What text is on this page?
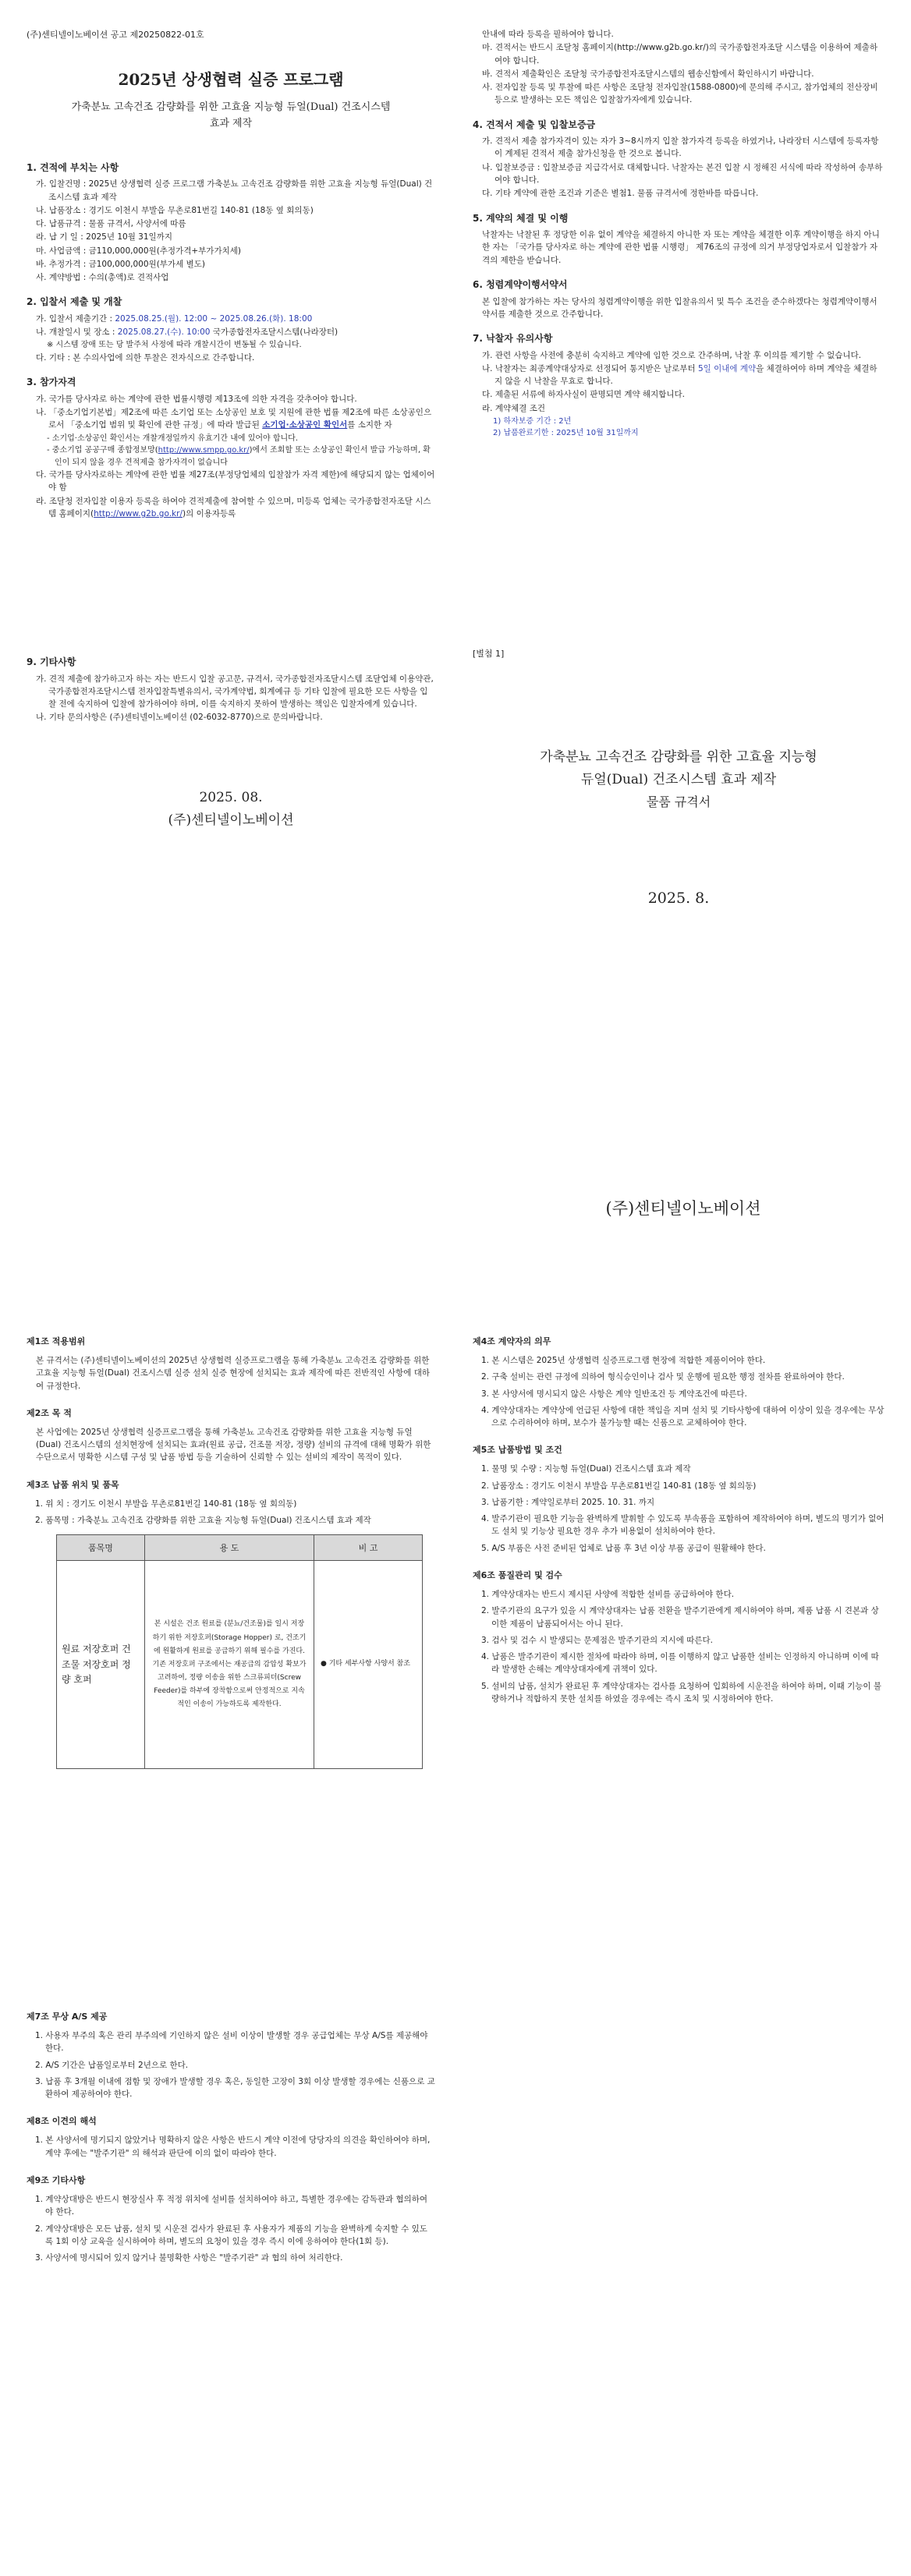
(주)센티넬이노베이션 공고 제20250822-01호
2025년 상생협력 실증 프로그램
가축분뇨 고속건조 감량화를 위한 고효율 지능형 듀얼(Dual) 건조시스템
효과 제작
1. 견적에 부치는 사항
가. 입찰건명 : 2025년 상생협력 실증 프로그램 가축분뇨 고속건조 감량화를 위한 고효율 지능형 듀얼(Dual) 건조시스템 효과 제작
나. 납품장소 : 경기도 이천시 부발읍 무촌로81번길 140-81 (18동 옆 회의동)
다. 납품규격 : 물품 규격서, 사양서에 따름
라. 납 기 일 : 2025년 10월 31일까지
마. 사업금액 : 금110,000,000원(추정가격+부가가치세)
바. 추정가격 : 금100,000,000원(부가세 별도)
사. 계약방법 : 수의(총액)로 견적사업
2. 입찰서 제출 및 개찰
가. 입찰서 제출기간 : 2025.08.25.(월). 12:00 ~ 2025.08.26.(화). 18:00
나. 개찰일시 및 장소 : 2025.08.27.(수). 10:00 국가종합전자조달시스템(나라장터)
※ 시스템 장애 또는 당 발주처 사정에 따라 개찰시간이 변동될 수 있습니다.
다. 기타 : 본 수의사업에 의한 투찰은 전자식으로 간주합니다.
3. 참가자격
가. 국가를 당사자로 하는 계약에 관한 법률시행령 제13조에 의한 자격을 갖추어야 합니다.
나. 「중소기업기본법」제2조에 따른 소기업 또는 소상공인 보호 및 지원에 관한 법률 제2조에 따른 소상공인으로서 「중소기업 범위 및 확인에 관한 규정」에 따라 발급된 소기업·소상공인 확인서를 소지한 자
- 소기업·소상공인 확인서는 개찰개정일까지 유효기간 내에 있어야 합니다.
- 중소기업 공공구매 종합정보망(http://www.smpp.go.kr/)에서 조회할 또는 소상공인 확인서 발급 가능하며, 확인이 되지 않을 경우 견적제출 참가자격이 없습니다
다. 국가를 당사자로하는 계약에 관한 법률 제27조(부정당업체의 입찰참가 자격 제한)에 해당되지 않는 업체이어야 함
라. 조달청 전자입찰 이용자 등록을 하여야 견적제출에 참여할 수 있으며, 미등록 업체는 국가종합전자조달 시스템 홈페이지(http://www.g2b.go.kr/)의 이용자등록
안내에 따라 등록을 필하여야 합니다.
마. 견적서는 반드시 조달청 홈페이지(http://www.g2b.go.kr/)의 국가종합전자조달 시스템을 이용하여 제출하여야 합니다.
바. 견적서 제출확인은 조달청 국가종합전자조달시스템의 웹송신함에서 확인하시기 바랍니다.
사. 전자입찰 등록 및 투찰에 따른 사항은 조달청 전자입찰(1588-0800)에 문의해 주시고, 참가업체의 전산장비 등으로 발생하는 모든 책임은 입찰참가자에게 있습니다.
4. 견적서 제출 및 입찰보증금
가. 견적서 제출 참가자격이 있는 자가 3~8시까지 입찰 참가자격 등록을 하였거나, 나라장터 시스템에 등록자항이 계제된 견적서 제출 참가신청을 한 것으로 봅니다.
나. 입찰보증금 : 입찰보증금 지급각서로 대체합니다. 낙찰자는 본건 입찰 시 정해진 서식에 따라 작성하여 송부하여야 합니다.
다. 기타 계약에 관한 조건과 기준은 별첨1. 물품 규격서에 정한바를 따릅니다.
5. 계약의 체결 및 이행
낙찰자는 낙찰된 후 정당한 이유 없이 계약을 체결하지 아니한 자 또는 계약을 체결한 이후 계약이행을 하지 아니한 자는 「국가를 당사자로 하는 계약에 관한 법률 시행령」 제76조의 규정에 의거 부정당업자로서 입찰참가 자격의 제한을 받습니다.
6. 청렴계약이행서약서
본 입찰에 참가하는 자는 당사의 청렴계약이행을 위한 입찰유의서 및 특수 조건을 준수하겠다는 청렴계약이행서약서를 제출한 것으로 간주합니다.
7. 낙찰자 유의사항
가. 관련 사항을 사전에 충분히 숙지하고 계약에 임한 것으로 간주하며, 낙찰 후 이의를 제기할 수 없습니다.
나. 낙찰자는 최종계약대상자로 선정되어 통지받은 날로부터 5일 이내에 계약을 체결하여야 하며 계약을 체결하지 않을 시 낙찰을 무효로 합니다.
다. 제출된 서류에 하자사실이 판명되면 계약 해지합니다.
라. 계약체결 조건
1) 하자보증 기간 : 2년
2) 납품완료기한 : 2025년 10월 31일까지
9. 기타사항
가. 견적 제출에 참가하고자 하는 자는 반드시 입찰 공고문, 규격서, 국가종합전자조달시스템 조달업체 이용약관, 국가종합전자조달시스템 전자입찰특별유의서, 국가계약법, 회계예규 등 기타 입찰에 필요한 모든 사항을 입찰 전에 숙지하여 입찰에 참가하여야 하며, 이를 숙지하지 못하여 발생하는 책임은 입찰자에게 있습니다.
나. 기타 문의사항은 (주)센티넬이노베이션 (02-6032-8770)으로 문의바랍니다.
2025. 08.
(주)센티넬이노베이션
[별첨 1]
가축분뇨 고속건조 감량화를 위한 고효율 지능형
듀얼(Dual) 건조시스템 효과 제작
물품 규격서
2025. 8.
(주)센티넬이노베이션
제1조 적용범위
본 규격서는 (주)센티넬이노베이션의 2025년 상생협력 실증프로그램을 통해 가축분뇨 고속건조 감량화를 위한 고효율 지능형 듀얼(Dual) 건조시스템 실증 설치 실증 현장에 설치되는 효과 제작에 따른 전반적인 사항에 대하여 규정한다.
제2조 목 적
본 사업에는 2025년 상생협력 실증프로그램을 통해 가축분뇨 고속건조 감량화를 위한 고효율 지능형 듀얼(Dual) 건조시스템의 설치현장에 설치되는 효과(원료 공급, 건조물 저장, 정량) 설비의 규격에 대해 명확가 위한 수단으로서 명확한 시스템 구성 및 납품 방법 등을 기술하여 신뢰할 수 있는 설비의 제작이 목적이 있다.
제3조 납품 위치 및 품목
1. 위 치 : 경기도 이천시 부발읍 무촌로81번길 140-81 (18동 옆 회의동)
2. 품목명 : 가축분뇨 고속건조 감량화를 위한 고효율 지능형 듀얼(Dual) 건조시스템 효과 제작
품목명	용 도	비 고
원료 저장호퍼 건조물 저장호퍼 정량 호퍼	본 시설은 건조 원료를 (분뇨/건조물)를 일시 저장하기 위한 저장호퍼(Storage Hopper) 로, 건조기에 원활하게 원료를 공급하기 위해 필수를 가진다. 기존 저장호퍼 구조에서는 재공급의 감압성 확보가 고려하여, 정량 이송을 위한 스크류피더(Screw Feeder)를 하부에 장착함으로써 안정적으로 지속적인 이송이 가능하도록 제작한다.	● 기타 세부사항 사양서 참조
제4조 계약자의 의무
1. 본 시스템은 2025년 상생협력 실증프로그램 현장에 적합한 제품이어야 한다.
2. 구축 설비는 관련 규정에 의하여 형식승인이나 검사 및 운행에 필요한 행정 절차를 완료하여야 한다.
3. 본 사양서에 명시되지 않은 사항은 계약 일반조건 등 계약조건에 따른다.
4. 계약상대자는 계약상에 언급된 사항에 대한 책임을 지며 설치 및 기타사항에 대하여 이상이 있을 경우에는 무상으로 수리하여야 하며, 보수가 불가능할 때는 신품으로 교체하여야 한다.
제5조 납품방법 및 조건
1. 물명 및 수량 : 지능형 듀얼(Dual) 건조시스템 효과 제작
2. 납품장소 : 경기도 이천시 부발읍 무촌로81번길 140-81 (18동 옆 회의동)
3. 납품기한 : 계약일로부터 2025. 10. 31. 까지
4. 발주기관이 필요한 기능을 완벽하게 발휘할 수 있도록 부속품을 포함하여 제작하여야 하며, 별도의 명기가 없어도 설치 및 기능상 필요한 경우 추가 비용없이 설치하여야 한다.
5. A/S 부품은 사전 준비된 업체로 납품 후 3년 이상 부품 공급이 원활해야 한다.
제6조 품질관리 및 검수
1. 계약상대자는 반드시 제시된 사양에 적합한 설비를 공급하여야 한다.
2. 발주기관의 요구가 있을 시 계약상대자는 납품 전환을 발주기관에게 제시하여야 하며, 제품 납품 시 견본과 상이한 제품이 납품되어서는 아니 된다.
3. 검사 및 검수 시 발생되는 문제점은 발주기관의 지시에 따른다.
4. 납품은 발주기관이 제시한 절차에 따라야 하며, 이를 이행하지 않고 납품한 설비는 인정하지 아니하며 이에 따라 발생한 손해는 계약상대자에게 귀책이 있다.
5. 설비의 납품, 설치가 완료된 후 계약상대자는 검사를 요청하여 입회하에 시운전을 하여야 하며, 이때 기능이 불량하거나 적합하지 못한 설치를 하였을 경우에는 즉시 조치 및 시정하여야 한다.
제7조 무상 A/S 제공
1. 사용자 부주의 혹은 관리 부주의에 기인하지 않은 설비 이상이 발생할 경우 공급업체는 무상 A/S를 제공해야 한다.
2. A/S 기간은 납품일로부터 2년으로 한다.
3. 납품 후 3개월 이내에 점함 및 장애가 발생할 경우 혹은, 동일한 고장이 3회 이상 발생할 경우에는 신품으로 교환하여 제공하여야 한다.
제8조 이견의 해석
1. 본 사양서에 명기되지 않았거나 명확하지 않은 사항은 반드시 계약 이전에 당당자의 의견을 확인하여야 하며, 계약 후에는 "발주기관" 의 해석과 판단에 이의 없이 따라야 한다.
제9조 기타사항
1. 계약상대방은 반드시 현장실사 후 적정 위치에 설비를 설치하여야 하고, 특별한 경우에는 감독관과 협의하여야 한다.
2. 계약상대방은 모든 납품, 설치 및 시운전 검사가 완료된 후 사용자가 제품의 기능을 완벽하게 숙지할 수 있도록 1회 이상 교육을 실시하여야 하며, 별도의 요청이 있을 경우 즉시 이에 응하여야 한다(1회 등).
3. 사양서에 명시되어 있지 않거나 불명확한 사항은 "발주기관" 과 협의 하여 처리한다.
